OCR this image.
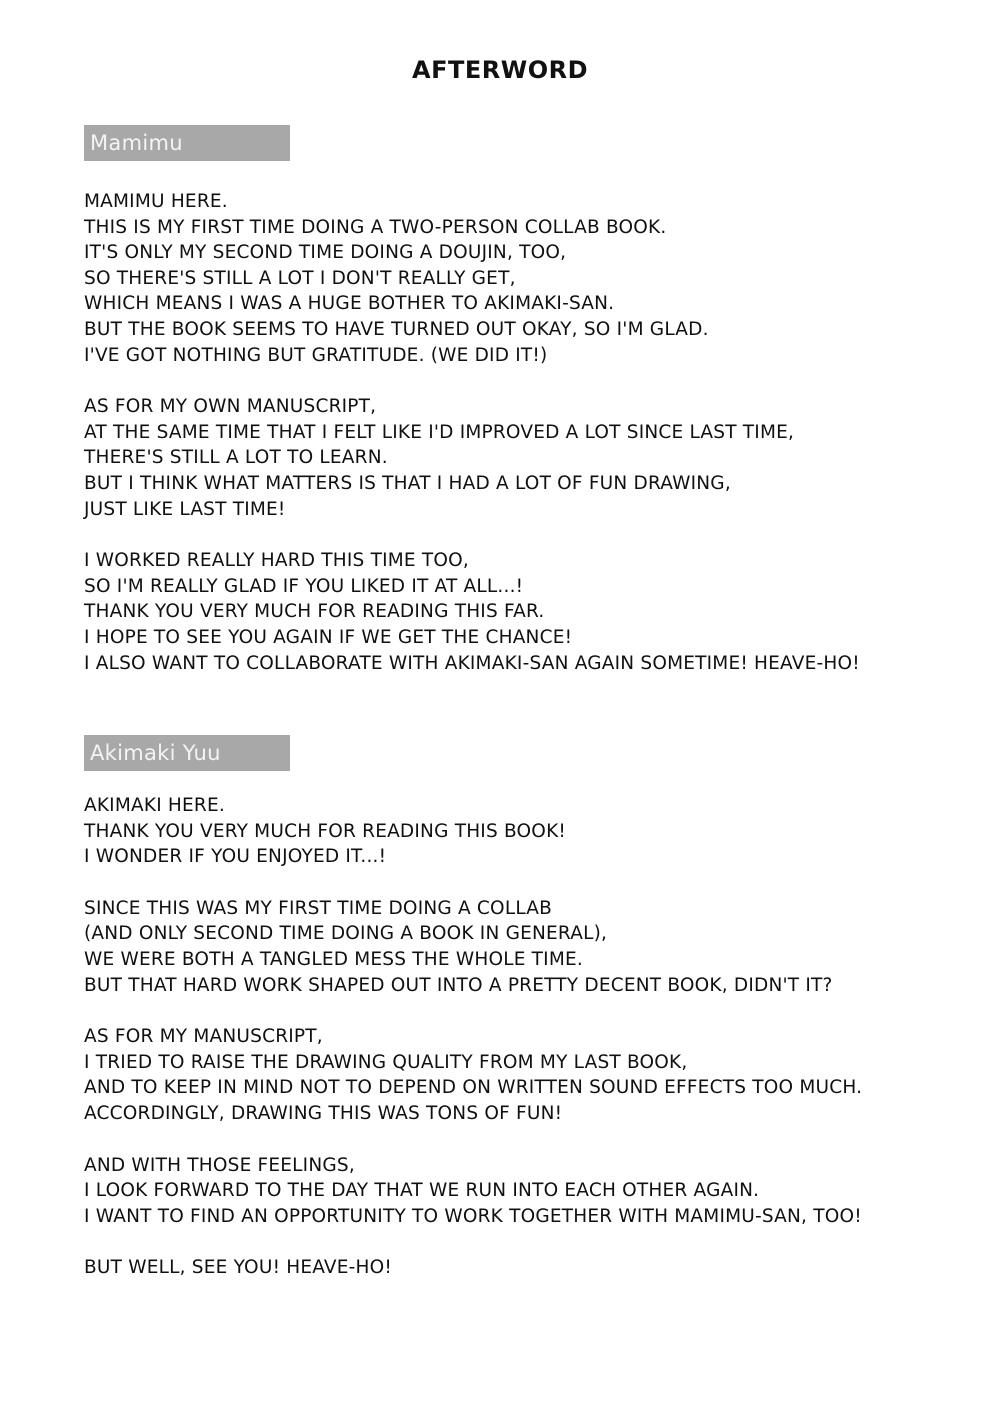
AFTERWORD
Mamimu
MAMIMU HERE.
THIS IS MY FIRST TIME DOING A TWO-PERSON COLLAB BOOK.
IT'S ONLY MY SECOND TIME DOING A DOUJIN, TOO,
SO THERE'S STILL A LOT I DON'T REALLY GET,
WHICH MEANS I WAS A HUGE BOTHER TO AKIMAKI-SAN.
BUT THE BOOK SEEMS TO HAVE TURNED OUT OKAY, SO I'M GLAD.
I'VE GOT NOTHING BUT GRATITUDE. (WE DID IT!)
AS FOR MY OWN MANUSCRIPT,
AT THE SAME TIME THAT I FELT LIKE I'D IMPROVED A LOT SINCE LAST TIME,
THERE'S STILL A LOT TO LEARN.
BUT I THINK WHAT MATTERS IS THAT I HAD A LOT OF FUN DRAWING,
JUST LIKE LAST TIME!
I WORKED REALLY HARD THIS TIME TOO,
SO I'M REALLY GLAD IF YOU LIKED IT AT ALL...!
THANK YOU VERY MUCH FOR READING THIS FAR.
I HOPE TO SEE YOU AGAIN IF WE GET THE CHANCE!
I ALSO WANT TO COLLABORATE WITH AKIMAKI-SAN AGAIN SOMETIME! HEAVE-HO!
Akimaki Yuu
AKIMAKI HERE.
THANK YOU VERY MUCH FOR READING THIS BOOK!
I WONDER IF YOU ENJOYED IT...!
SINCE THIS WAS MY FIRST TIME DOING A COLLAB
(AND ONLY SECOND TIME DOING A BOOK IN GENERAL),
WE WERE BOTH A TANGLED MESS THE WHOLE TIME.
BUT THAT HARD WORK SHAPED OUT INTO A PRETTY DECENT BOOK, DIDN'T IT?
AS FOR MY MANUSCRIPT,
I TRIED TO RAISE THE DRAWING QUALITY FROM MY LAST BOOK,
AND TO KEEP IN MIND NOT TO DEPEND ON WRITTEN SOUND EFFECTS TOO MUCH.
ACCORDINGLY, DRAWING THIS WAS TONS OF FUN!
AND WITH THOSE FEELINGS,
I LOOK FORWARD TO THE DAY THAT WE RUN INTO EACH OTHER AGAIN.
I WANT TO FIND AN OPPORTUNITY TO WORK TOGETHER WITH MAMIMU-SAN, TOO!
BUT WELL, SEE YOU! HEAVE-HO!
